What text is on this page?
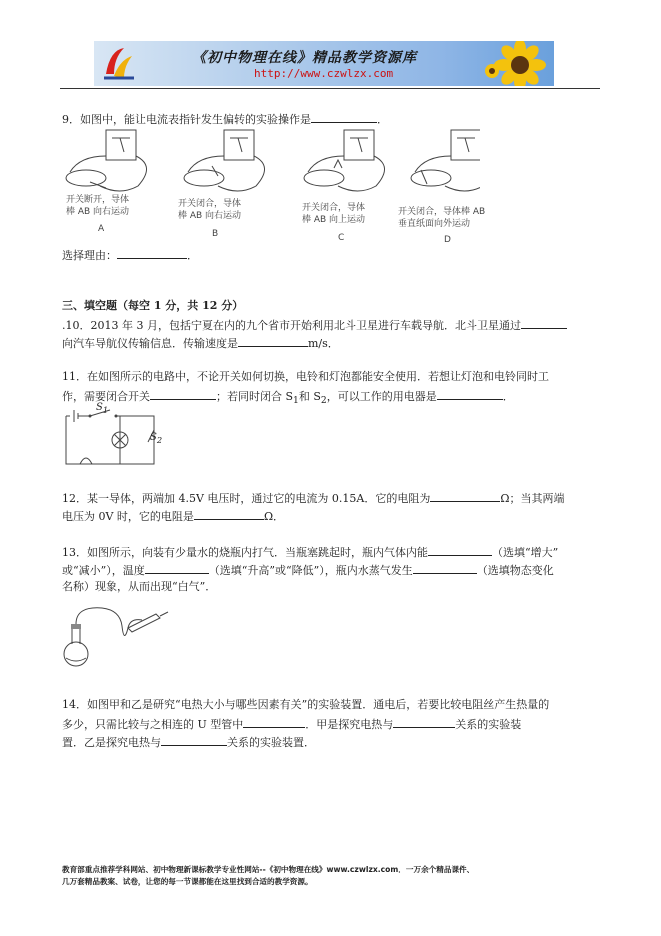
《初中物理在线》精品教学资源库
http://www.czwlzx.com
9．如图中，能让电流表指针发生偏转的实验操作是	．
开关断开，导体
棒 AB 向右运动
A
开关闭合，导体
棒 AB 向右运动
B
开关闭合，导体
棒 AB 向上运动
C
开关闭合，导体棒 AB
垂直纸面向外运动
D
选择理由：	．
三、填空题（每空 1 分，共 12 分）
.10．2013 年 3 月，包括宁夏在内的九个省市开始利用北斗卫星进行车载导航．北斗卫星通过
向汽车导航仪传输信息．传输速度是	m/s．
11．在如图所示的电路中，不论开关如何切换，电铃和灯泡都能安全使用．若想让灯泡和电铃同时工
作，需要闭合开关	；若同时闭合 $S_1$和 $S_2$，可以工作的用电器是	．
$S_1$
$S_2$
12．某一导体，两端加 4.5V 电压时，通过它的电流为 0.15A．它的电阻为	Ω；当其两端
电压为 0V 时，它的电阻是	Ω．
13．如图所示，向装有少量水的烧瓶内打气．当瓶塞跳起时，瓶内气体内能	（选填“增大”
或“减小”），温度	（选填“升高”或“降低”），瓶内水蒸气发生	（选填物态变化
名称）现象，从而出现“白气”．
14．如图甲和乙是研究“电热大小与哪些因素有关”的实验装置．通电后，若要比较电阻丝产生热量的
多少，只需比较与之相连的 U 型管中	．甲是探究电热与	关系的实验装
置．乙是探究电热与	关系的实验装置．
教育部重点推荐学科网站、初中物理新课标教学专业性网站--《初中物理在线》www.czwlzx.com．一万余个精品课件、
几万套精品教案、试卷，让您的每一节课都能在这里找到合适的教学资源。
